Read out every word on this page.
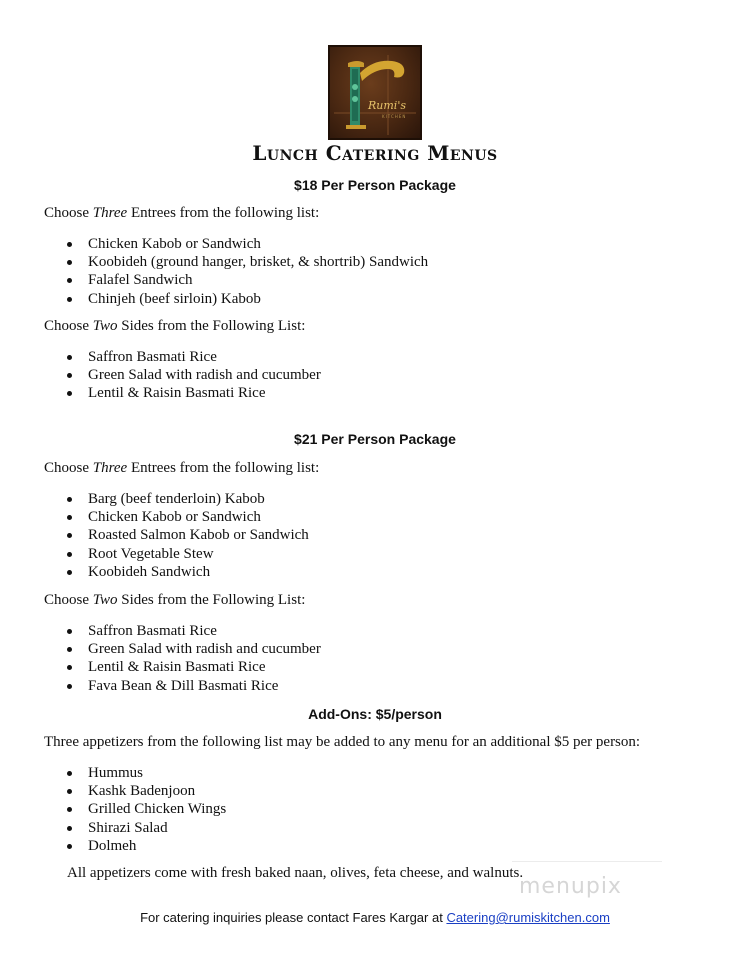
Rumi's
KITCHEN
Lunch Catering Menus
$18 Per Person Package

Choose Three Entrees from the following list:

Chicken Kabob or Sandwich
Koobideh (ground hanger, brisket, & shortrib) Sandwich
Falafel Sandwich
Chinjeh (beef sirloin) Kabob

Choose Two Sides from the Following List:

Saffron Basmati Rice
Green Salad with radish and cucumber
Lentil & Raisin Basmati Rice
$21 Per Person Package

Choose Three Entrees from the following list:

Barg (beef tenderloin) Kabob
Chicken Kabob or Sandwich
Roasted Salmon Kabob or Sandwich
Root Vegetable Stew
Koobideh Sandwich

Choose Two Sides from the Following List:

Saffron Basmati Rice
Green Salad with radish and cucumber
Lentil & Raisin Basmati Rice
Fava Bean & Dill Basmati Rice
Add-Ons: $5/person

Three appetizers from the following list may be added to any menu for an additional $5 per person:

Hummus
Kashk Badenjoon
Grilled Chicken Wings
Shirazi Salad
Dolmeh

All appetizers come with fresh baked naan, olives, feta cheese, and walnuts.

menupix

For catering inquiries please contact Fares Kargar at Catering@rumiskitchen.com
